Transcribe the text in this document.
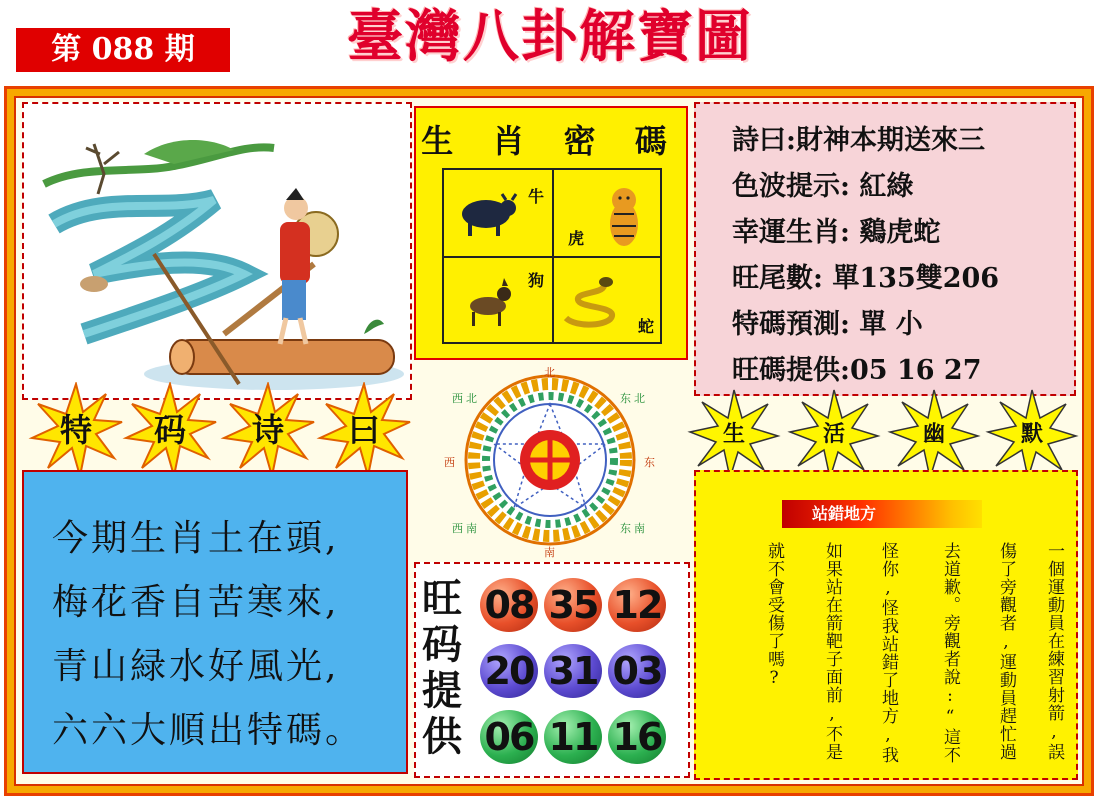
第 088 期	臺灣八卦解寶圖
生 肖 密 碼
牛
虎
狗
蛇
詩曰:財神本期送來三
色波提示: 紅綠
幸運生肖: 鷄虎蛇
旺尾數: 單135雙206
特碼預測: 單 小
旺碼提供:05 16 27
特	码	诗	曰	生	活	幽	默
西 北
北
东 北
西	东
西 南	东 南
南
今期生肖土在頭,
梅花香自苦寒來,
青山緑水好風光,
六六大順出特碼。
旺码提供
08 35 12
20 31 03
06 11 16
站錯地方
一個運動員在練習射箭,誤
傷了旁觀者,運動員趕忙過
去道歉。旁觀者說:“這不
怪你,怪我站錯了地方,我
如果站在箭靶子面前,不是
就不會受傷了嗎?
